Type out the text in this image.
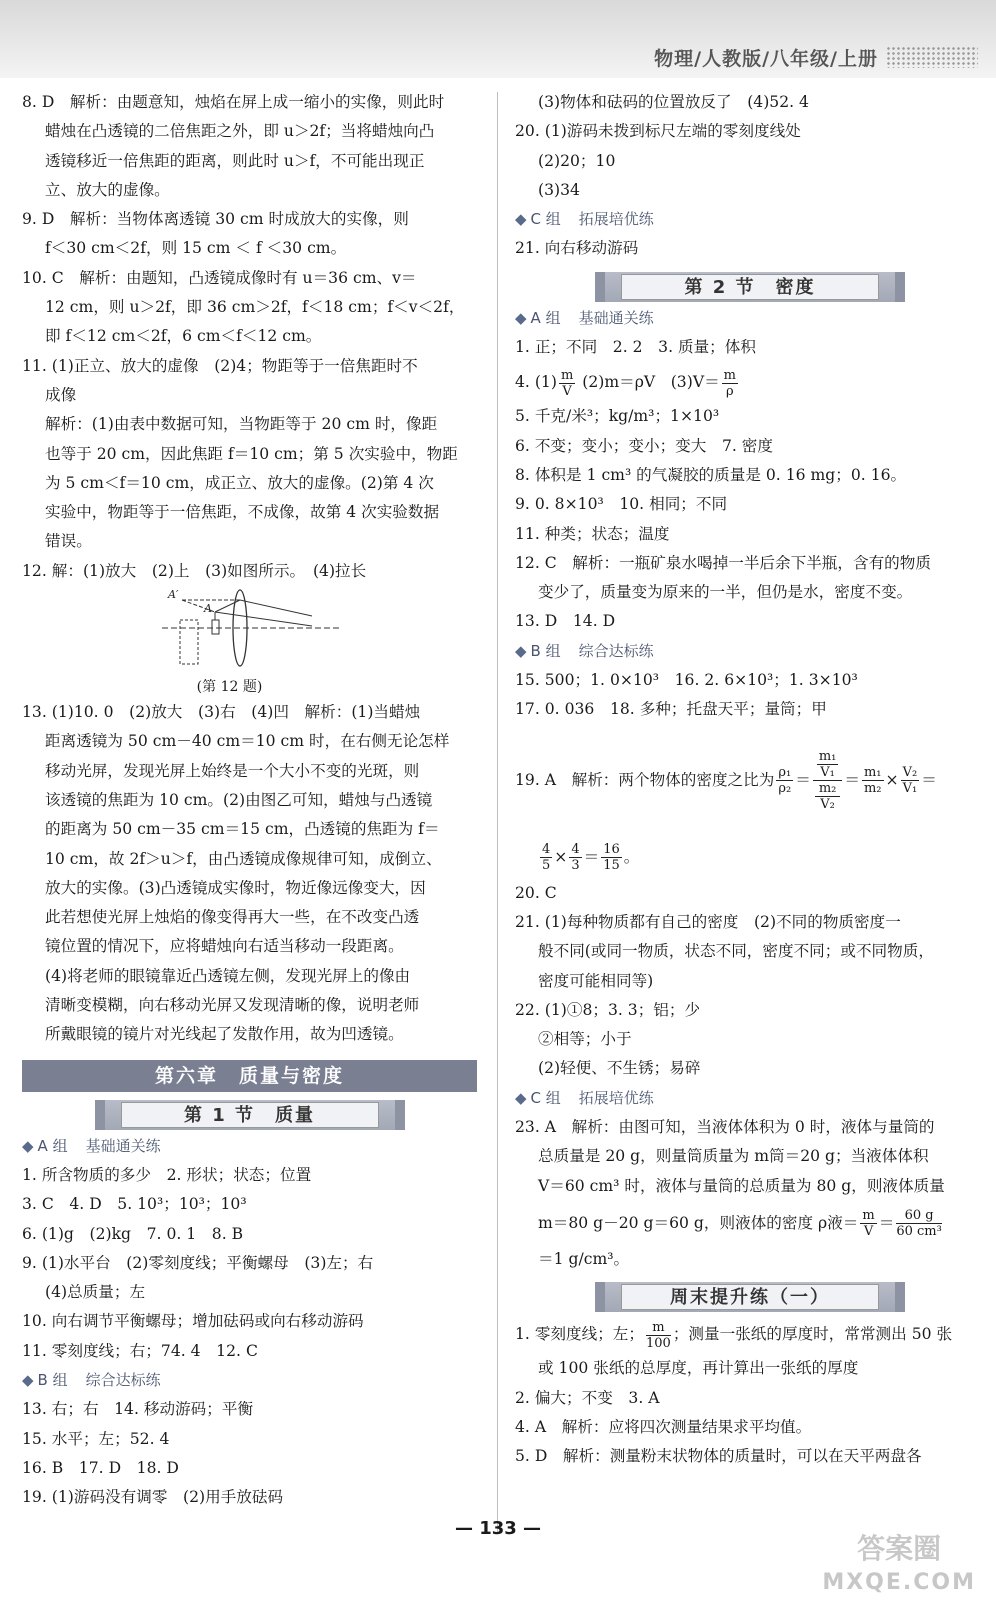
物理/人教版/八年级/上册
8. D　解析：由题意知，烛焰在屏上成一缩小的实像，则此时
蜡烛在凸透镜的二倍焦距之外，即 u＞2f；当将蜡烛向凸
透镜移近一倍焦距的距离，则此时 u＞f，不可能出现正
立、放大的虚像。
9. D　解析：当物体离透镜 30 cm 时成放大的实像，则
f＜30 cm＜2f，则 15 cm ＜ f ＜30 cm。
10. C　解析：由题知，凸透镜成像时有 u＝36 cm、v＝
12 cm，则 u＞2f，即 36 cm＞2f，f＜18 cm；f＜v＜2f，
即 f＜12 cm＜2f，6 cm＜f＜12 cm。
11. (1)正立、放大的虚像　(2)4；物距等于一倍焦距时不
成像
解析：(1)由表中数据可知，当物距等于 20 cm 时，像距
也等于 20 cm，因此焦距 f＝10 cm；第 5 次实验中，物距
为 5 cm＜f＝10 cm，成正立、放大的虚像。(2)第 4 次
实验中，物距等于一倍焦距，不成像，故第 4 次实验数据
错误。
12. 解：(1)放大　(2)上　(3)如图所示。　(4)拉长
A′
A
(第 12 题)
13. (1)10. 0　(2)放大　(3)右　(4)凹　解析：(1)当蜡烛
距离透镜为 50 cm－40 cm＝10 cm 时，在右侧无论怎样
移动光屏，发现光屏上始终是一个大小不变的光斑，则
该透镜的焦距为 10 cm。(2)由图乙可知，蜡烛与凸透镜
的距离为 50 cm－35 cm＝15 cm，凸透镜的焦距为 f＝
10 cm，故 2f＞u＞f，由凸透镜成像规律可知，成倒立、
放大的实像。(3)凸透镜成实像时，物近像远像变大，因
此若想使光屏上烛焰的像变得再大一些，在不改变凸透
镜位置的情况下，应将蜡烛向右适当移动一段距离。
(4)将老师的眼镜靠近凸透镜左侧，发现光屏上的像由
清晰变模糊，向右移动光屏又发现清晰的像，说明老师
所戴眼镜的镜片对光线起了发散作用，故为凹透镜。
第六章　质量与密度
第 1 节　质量
◆ A 组 基础通关练
1. 所含物质的多少　2. 形状；状态；位置
3. C　4. D　5. 10³；10³；10³
6. (1)g　(2)kg　7. 0. 1　8. B
9. (1)水平台　(2)零刻度线；平衡螺母　(3)左；右
(4)总质量；左
10. 向右调节平衡螺母；增加砝码或向右移动游码
11. 零刻度线；右；74. 4　12. C
◆ B 组 综合达标练
13. 右；右　14. 移动游码；平衡
15. 水平；左；52. 4
16. B　17. D　18. D
19. (1)游码没有调零　(2)用手放砝码
(3)物体和砝码的位置放反了　(4)52. 4
20. (1)游码未拨到标尺左端的零刻度线处
(2)20；10
(3)34
◆ C 组 拓展培优练
21. 向右移动游码
第 2 节　密度
◆ A 组 基础通关练
1. 正；不同　2. 2　3. 质量；体积
4. $(1) \frac{m}{V} (2)m=\rho V$　$(3)V= \frac{m}{\rho}$
5. 千克/米³；kg/m³；1×10³
6. 不变；变小；变小；变大　7. 密度
8. 体积是 1 cm³ 的气凝胶的质量是 0. 16 mg；0. 16。
9. 0. 8×10³　10. 相同；不同
11. 种类；状态；温度
12. C　解析：一瓶矿泉水喝掉一半后余下半瓶，含有的物质
变少了，质量变为原来的一半，但仍是水，密度不变。
13. D　14. D
◆ B 组 综合达标练
15. 500；1. 0×10³　16. 2. 6×10³；1. 3×10³
17. 0. 036　18. 多种；托盘天平；量筒；甲
19. A　解析：两个物体的密度之比为 $\frac{\text{ρ₁}}{\text{ρ₂}} = m_1$
V₁
m₂
$V_2 = \frac{\text{m₁}}{\text{m₂}} \times \frac{\text{V₂}}{\text{V₁}}$ ＝
$\frac{4}{5} \times \frac{4}{3} = \frac{16}{15}$ 。
20. C
21. (1)每种物质都有自己的密度　(2)不同的物质密度一
般不同(或同一物质，状态不同，密度不同；或不同物质，
密度可能相同等)
22. (1)①8；3. 3；铝；少
②相等；小于
(2)轻便、不生锈；易碎
◆ C 组 拓展培优练
23. A　解析：由图可知，当液体体积为 0 时，液体与量筒的
总质量是 20 g，则量筒质量为 m筒＝20 g；当液体体积
V＝60 cm³ 时，液体与量筒的总质量为 80 g，则液体质量
m＝80 g－20 g＝60 g，则液体的密度 ρ液＝ $\frac{m}{V} = \frac{60 g}{\text{60 cm³}}$
＝1 g/cm³。
周末提升练（一）
1. 零刻度线；左； $\frac{m}{100}$ ；测量一张纸的厚度时，常常测出 50 张
或 100 张纸的总厚度，再计算出一张纸的厚度
2. 偏大；不变　3. A
4. A　解析：应将四次测量结果求平均值。
5. D　解析：测量粉末状物体的质量时，可以在天平两盘各
— 133 —
答案圈
MXQE.COM
